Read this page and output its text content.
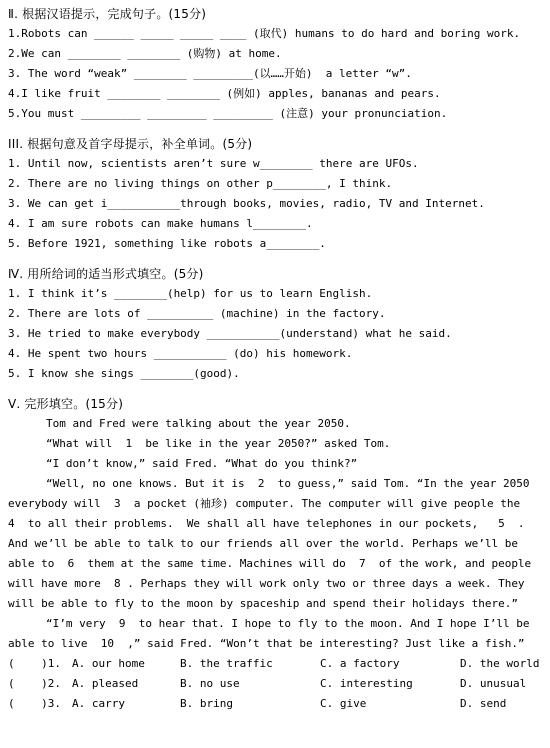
Ⅱ. 根据汉语提示，完成句子。(15分)
1.Robots can ______ _____ _____ ____ (取代) humans to do hard and boring work.
2.We can ________ ________ (购物) at home.
3. The word “weak” ________ _________(以……开始)  a letter “w”.
4.I like fruit ________ ________ (例如) apples, bananas and pears.
5.You must _________ _________ _________ (注意) your pronunciation.
III. 根据句意及首字母提示，补全单词。(5分)
1. Until now, scientists aren’t sure w________ there are UFOs.
2. There are no living things on other p________, I think.
3. We can get i___________through books, movies, radio, TV and Internet.
4. I am sure robots can make humans l________.
5. Before 1921, something like robots a________.
Ⅳ. 用所给词的适当形式填空。(5分)
1. I think it’s ________(help) for us to learn English.
2. There are lots of __________ (machine) in the factory.
3. He tried to make everybody ___________(understand) what he said.
4. He spent two hours ___________ (do) his homework.
5. I know she sings ________(good).
Ⅴ. 完形填空。(15分)
Tom and Fred were talking about the year 2050.
“What will  1  be like in the year 2050?” asked Tom.
“I don’t know,” said Fred. “What do you think?”
“Well, no one knows. But it is  2  to guess,” said Tom. “In the year 2050
everybody will  3  a pocket (袖珍) computer. The computer will give people the
4  to all their problems.  We shall all have telephones in our pockets,   5  .
And we’ll be able to talk to our friends all over the world. Perhaps we’ll be
able to  6  them at the same time. Machines will do  7  of the work, and people
will have more  8 . Perhaps they will work only two or three days a week. They
will be able to fly to the moon by spaceship and spend their holidays there.”
“I’m very  9  to hear that. I hope to fly to the moon. And I hope I’ll be
able to live  10  ,” said Fred. “Won’t that be interesting? Just like a fish.”
(    )1.	A. our home	B. the traffic	C. a factory	D. the world
(    )2.	A. pleased	B. no use	C. interesting	D. unusual
(    )3.	A. carry	B. bring	C. give	D. send
